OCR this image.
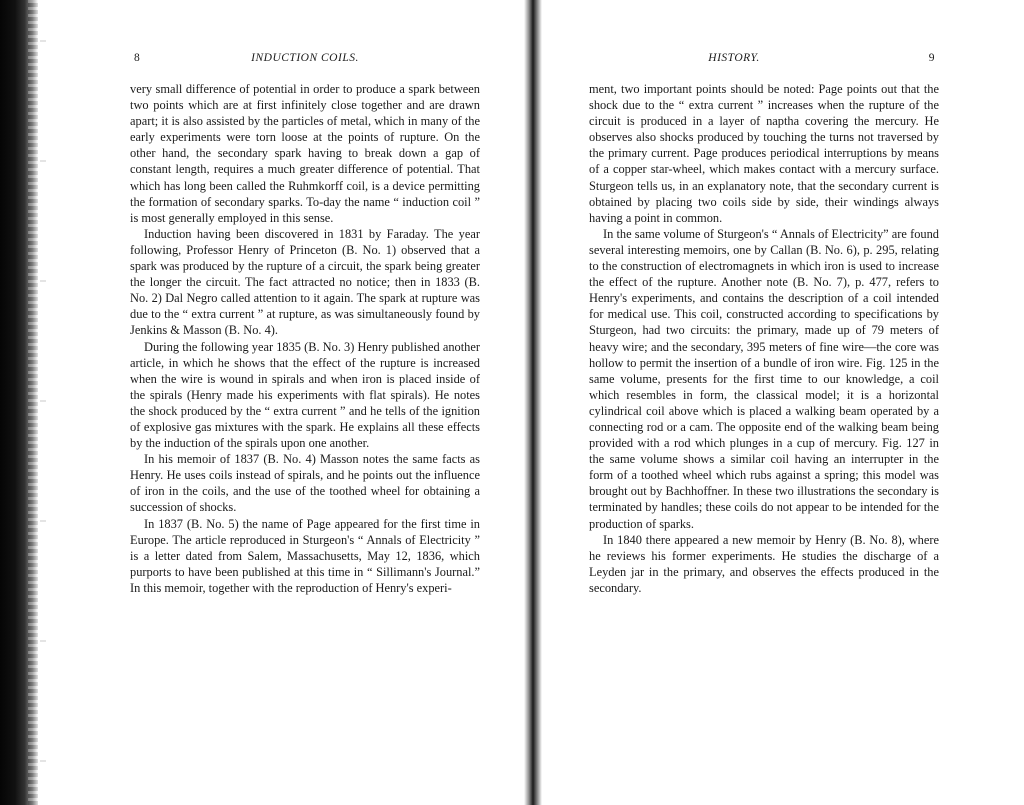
8	INDUCTION COILS.

very small difference of potential in order to produce a spark between two points which are at first infinitely close together and are drawn apart; it is also assisted by the particles of metal, which in many of the early experiments were torn loose at the points of rupture. On the other hand, the secondary spark having to break down a gap of constant length, requires a much greater difference of potential. That which has long been called the Ruhmkorff coil, is a device permitting the formation of secondary sparks. To-day the name “ induction coil ” is most generally employed in this sense.

Induction having been discovered in 1831 by Faraday. The year following, Professor Henry of Princeton (B. No. 1) observed that a spark was produced by the rupture of a circuit, the spark being greater the longer the circuit. The fact attracted no notice; then in 1833 (B. No. 2) Dal Negro called attention to it again. The spark at rupture was due to the “ extra current ” at rupture, as was simultaneously found by Jenkins & Masson (B. No. 4).

During the following year 1835 (B. No. 3) Henry published another article, in which he shows that the effect of the rupture is increased when the wire is wound in spirals and when iron is placed inside of the spirals (Henry made his experiments with flat spirals). He notes the shock produced by the “ extra current ” and he tells of the ignition of explosive gas mixtures with the spark. He explains all these effects by the induction of the spirals upon one another.

In his memoir of 1837 (B. No. 4) Masson notes the same facts as Henry. He uses coils instead of spirals, and he points out the influence of iron in the coils, and the use of the toothed wheel for obtaining a succession of shocks.

In 1837 (B. No. 5) the name of Page appeared for the first time in Europe. The article reproduced in Sturgeon's “ Annals of Electricity ” is a letter dated from Salem, Massachusetts, May 12, 1836, which purports to have been published at this time in “ Sillimann's Journal.” In this memoir, together with the reproduction of Henry's experi-

HISTORY.	9

ment, two important points should be noted: Page points out that the shock due to the “ extra current ” increases when the rupture of the circuit is produced in a layer of naptha covering the mercury. He observes also shocks produced by touching the turns not traversed by the primary current. Page produces periodical interruptions by means of a copper star-wheel, which makes contact with a mercury surface. Sturgeon tells us, in an explanatory note, that the secondary current is obtained by placing two coils side by side, their windings always having a point in common.

In the same volume of Sturgeon's “ Annals of Electricity” are found several interesting memoirs, one by Callan (B. No. 6), p. 295, relating to the construction of electromagnets in which iron is used to increase the effect of the rupture. Another note (B. No. 7), p. 477, refers to Henry's experiments, and contains the description of a coil intended for medical use. This coil, constructed according to specifications by Sturgeon, had two circuits: the primary, made up of 79 meters of heavy wire; and the secondary, 395 meters of fine wire—the core was hollow to permit the insertion of a bundle of iron wire. Fig. 125 in the same volume, presents for the first time to our knowledge, a coil which resembles in form, the classical model; it is a horizontal cylindrical coil above which is placed a walking beam operated by a connecting rod or a cam. The opposite end of the walking beam being provided with a rod which plunges in a cup of mercury. Fig. 127 in the same volume shows a similar coil having an interrupter in the form of a toothed wheel which rubs against a spring; this model was brought out by Bachhoffner. In these two illustrations the secondary is terminated by handles; these coils do not appear to be intended for the production of sparks.

In 1840 there appeared a new memoir by Henry (B. No. 8), where he reviews his former experiments. He studies the discharge of a Leyden jar in the primary, and observes the effects produced in the secondary.
